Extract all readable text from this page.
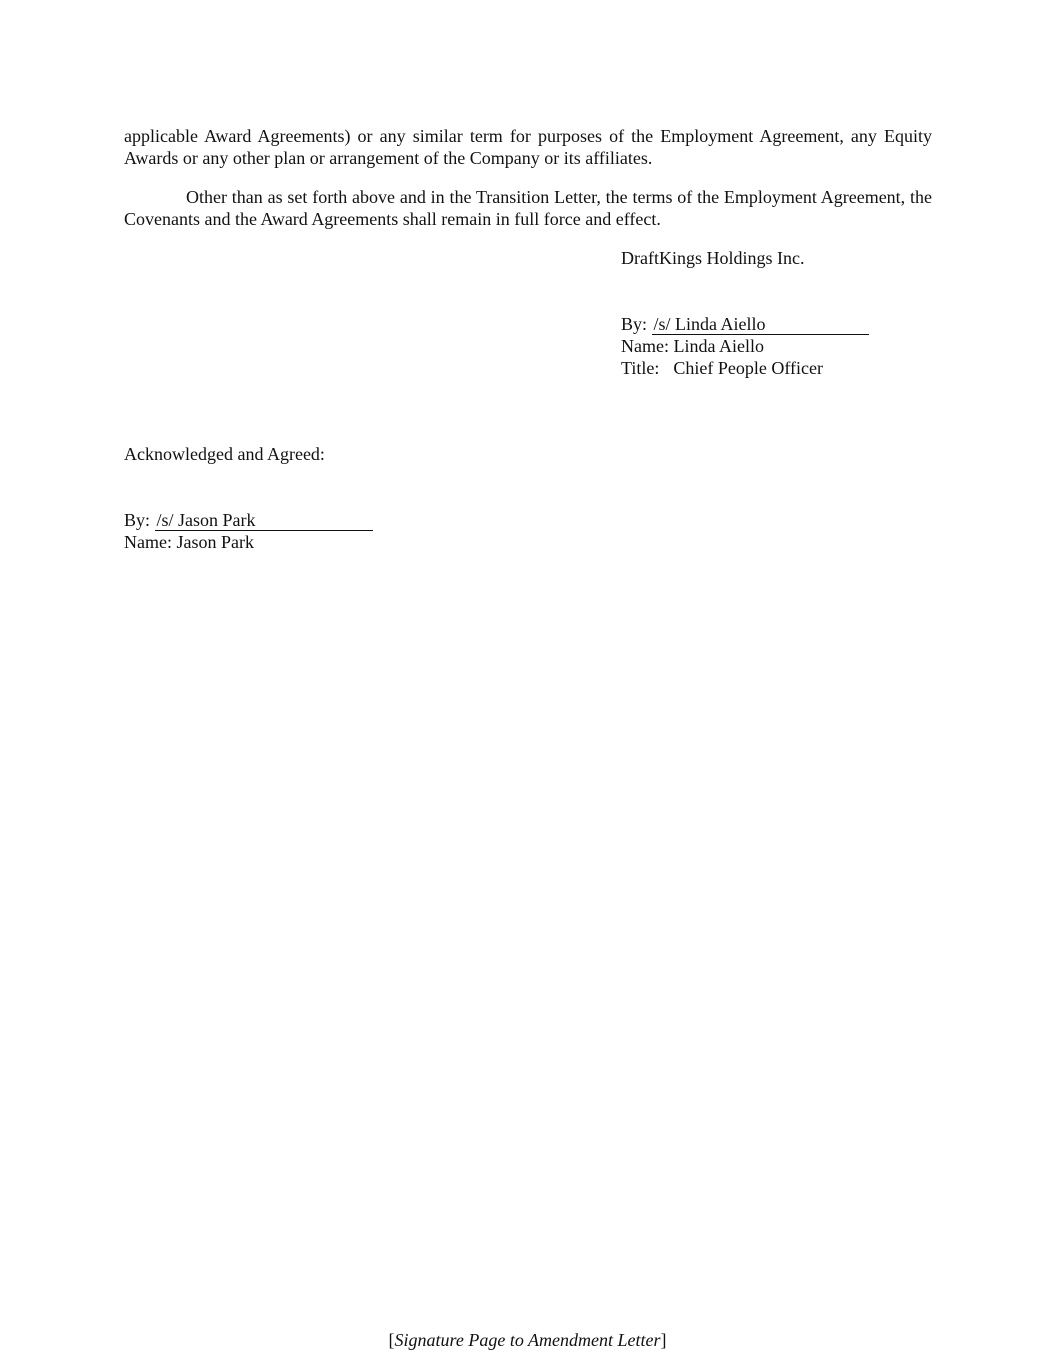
applicable Award Agreements) or any similar term for purposes of the Employment Agreement, any Equity Awards or any other plan or arrangement of the Company or its affiliates.

Other than as set forth above and in the Transition Letter, the terms of the Employment Agreement, the Covenants and the Award Agreements shall remain in full force and effect.

DraftKings Holdings Inc.
By: /s/ Linda Aiello
Name: Linda Aiello
Title: Chief People Officer
Acknowledged and Agreed:
By: /s/ Jason Park
Name: Jason Park
[Signature Page to Amendment Letter]
